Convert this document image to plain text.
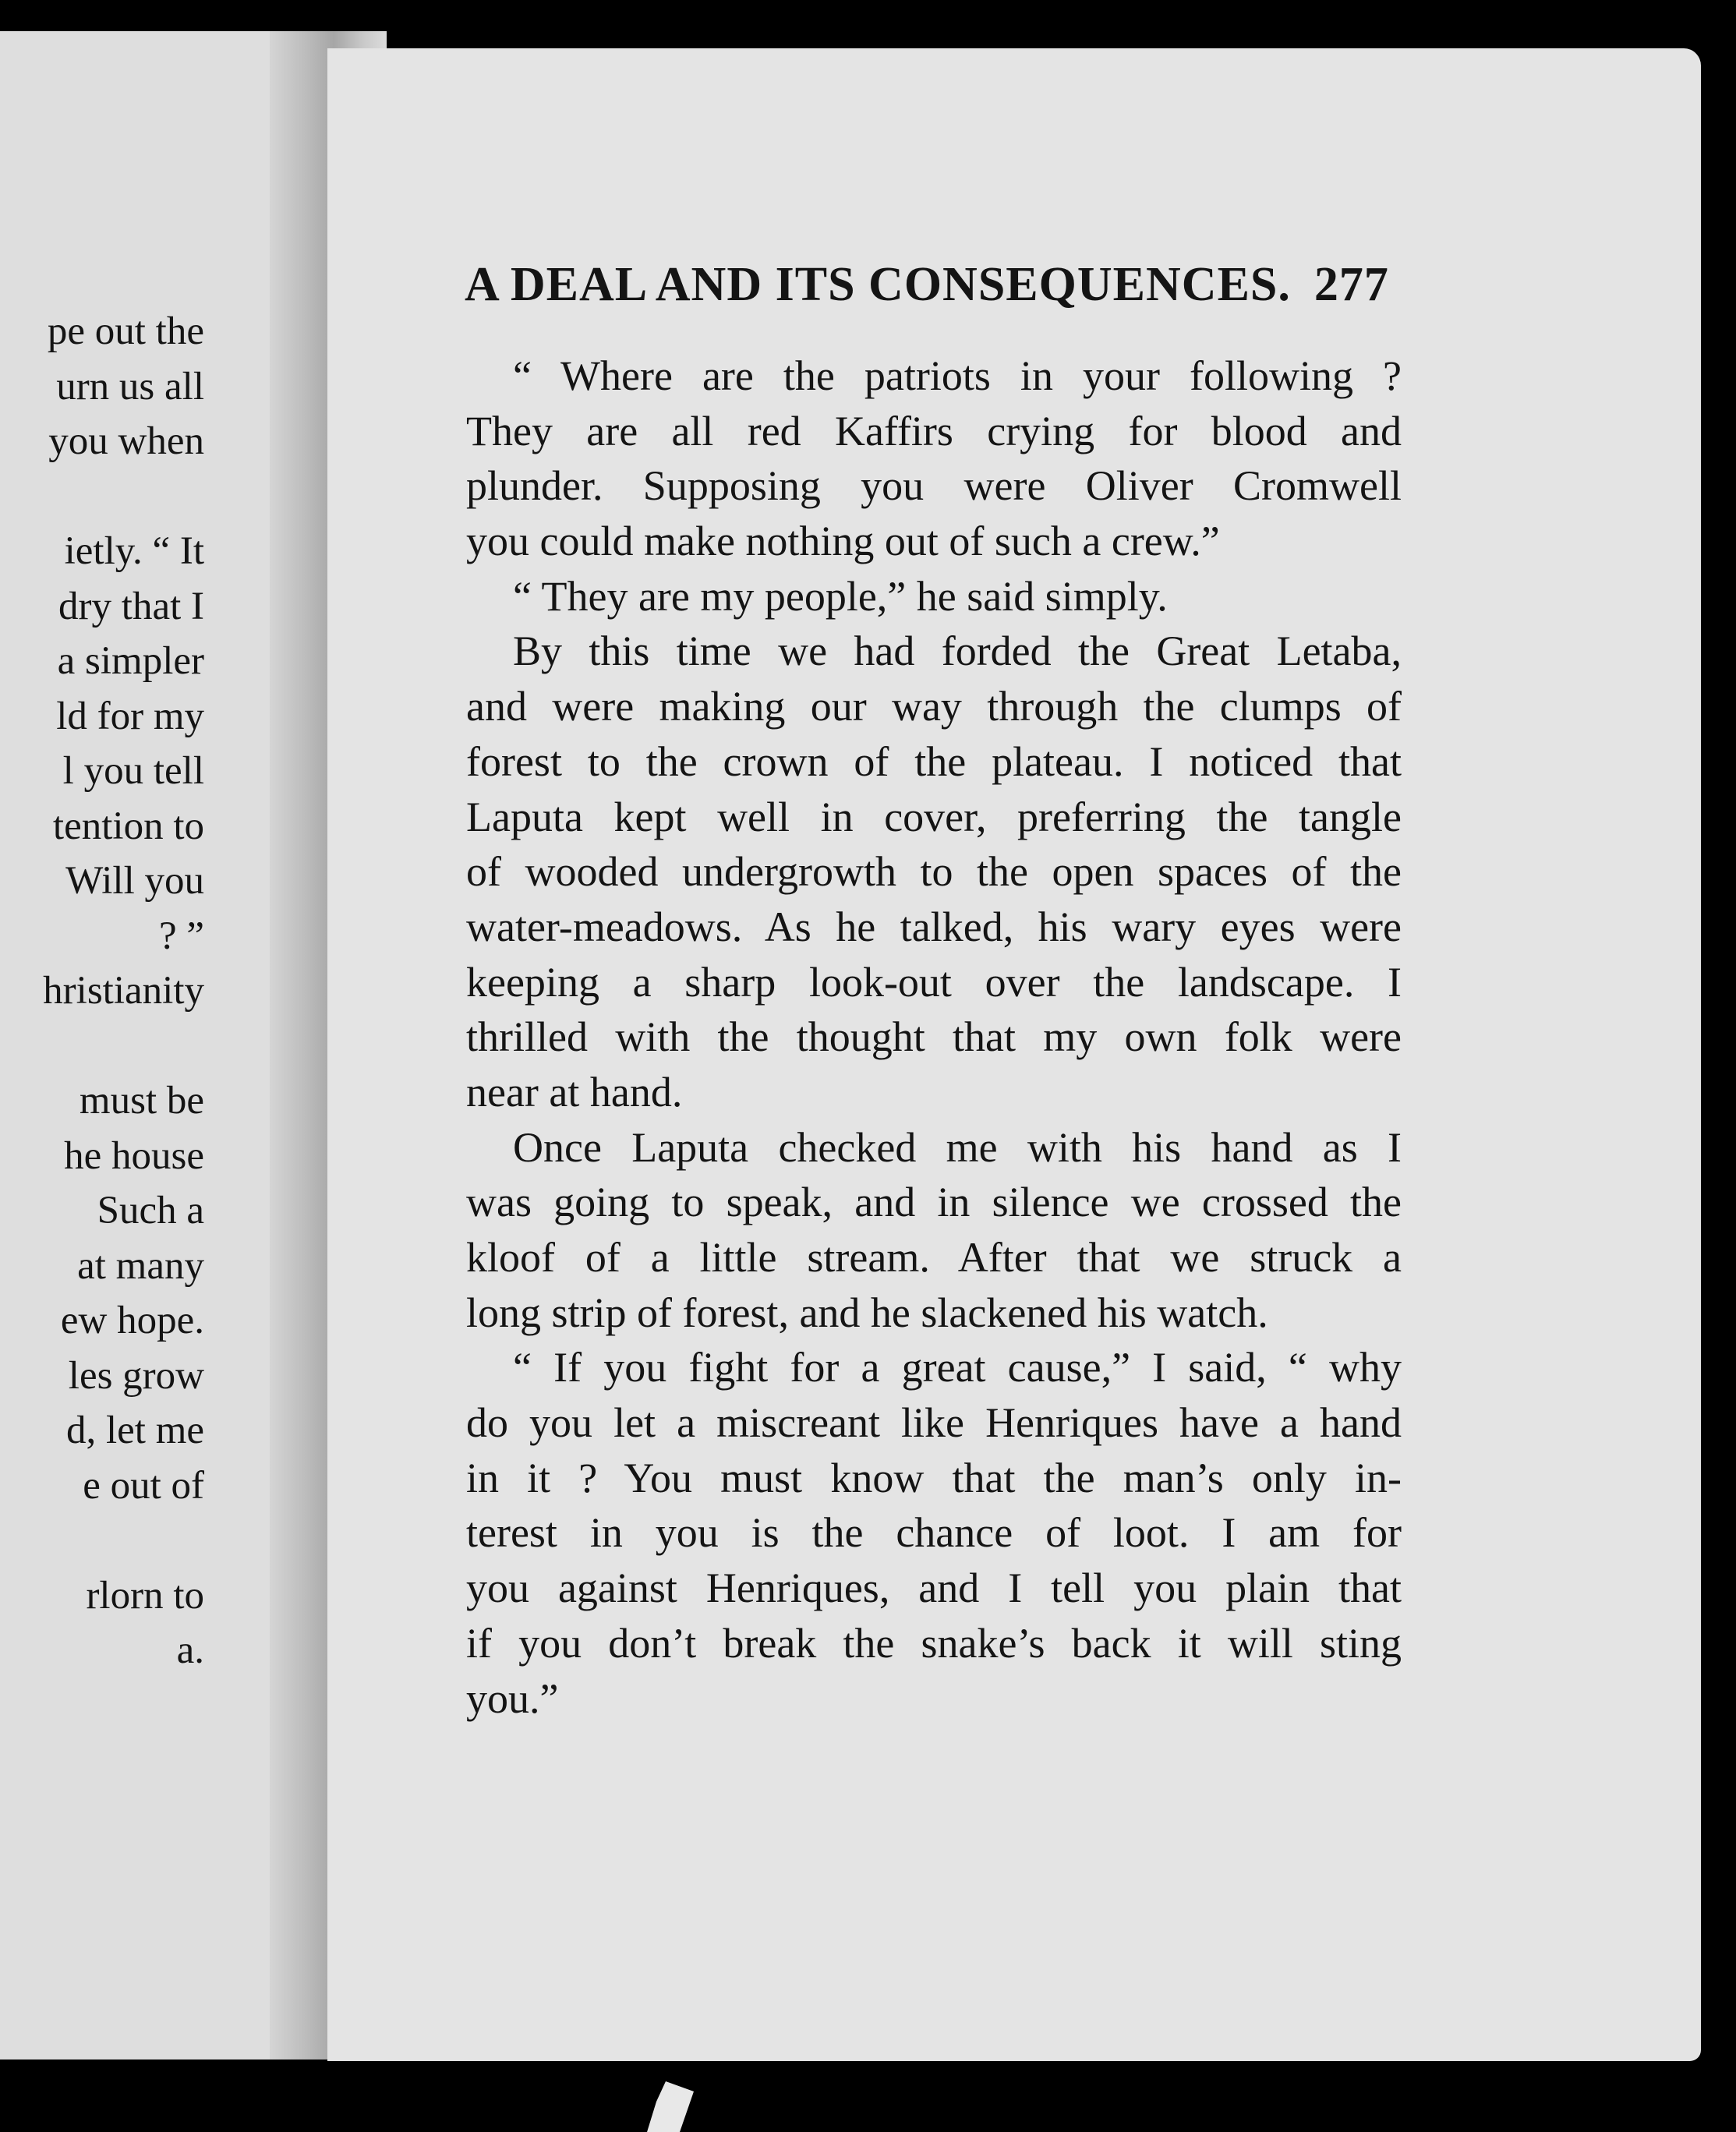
pe out the
urn us all
you when
ietly. “ It
dry that I
a simpler
ld for my
l you tell
tention to
Will you
? ”
hristianity
must be
he house
Such a
at many
ew hope.
les grow
d, let me
e out of
rlorn to
a.
A DEAL AND ITS CONSEQUENCES. 277
“ Where are the patriots in your following ?
They are all red Kaffirs crying for blood and
plunder. Supposing you were Oliver Cromwell
you could make nothing out of such a crew.”
“ They are my people,” he said simply.
By this time we had forded the Great Letaba,
and were making our way through the clumps of
forest to the crown of the plateau. I noticed that
Laputa kept well in cover, preferring the tangle
of wooded undergrowth to the open spaces of the
water-meadows. As he talked, his wary eyes were
keeping a sharp look-out over the landscape. I
thrilled with the thought that my own folk were
near at hand.
Once Laputa checked me with his hand as I
was going to speak, and in silence we crossed the
kloof of a little stream. After that we struck a
long strip of forest, and he slackened his watch.
“ If you fight for a great cause,” I said, “ why
do you let a miscreant like Henriques have a hand
in it ? You must know that the man’s only in-
terest in you is the chance of loot. I am for
you against Henriques, and I tell you plain that
if you don’t break the snake’s back it will sting
you.”
